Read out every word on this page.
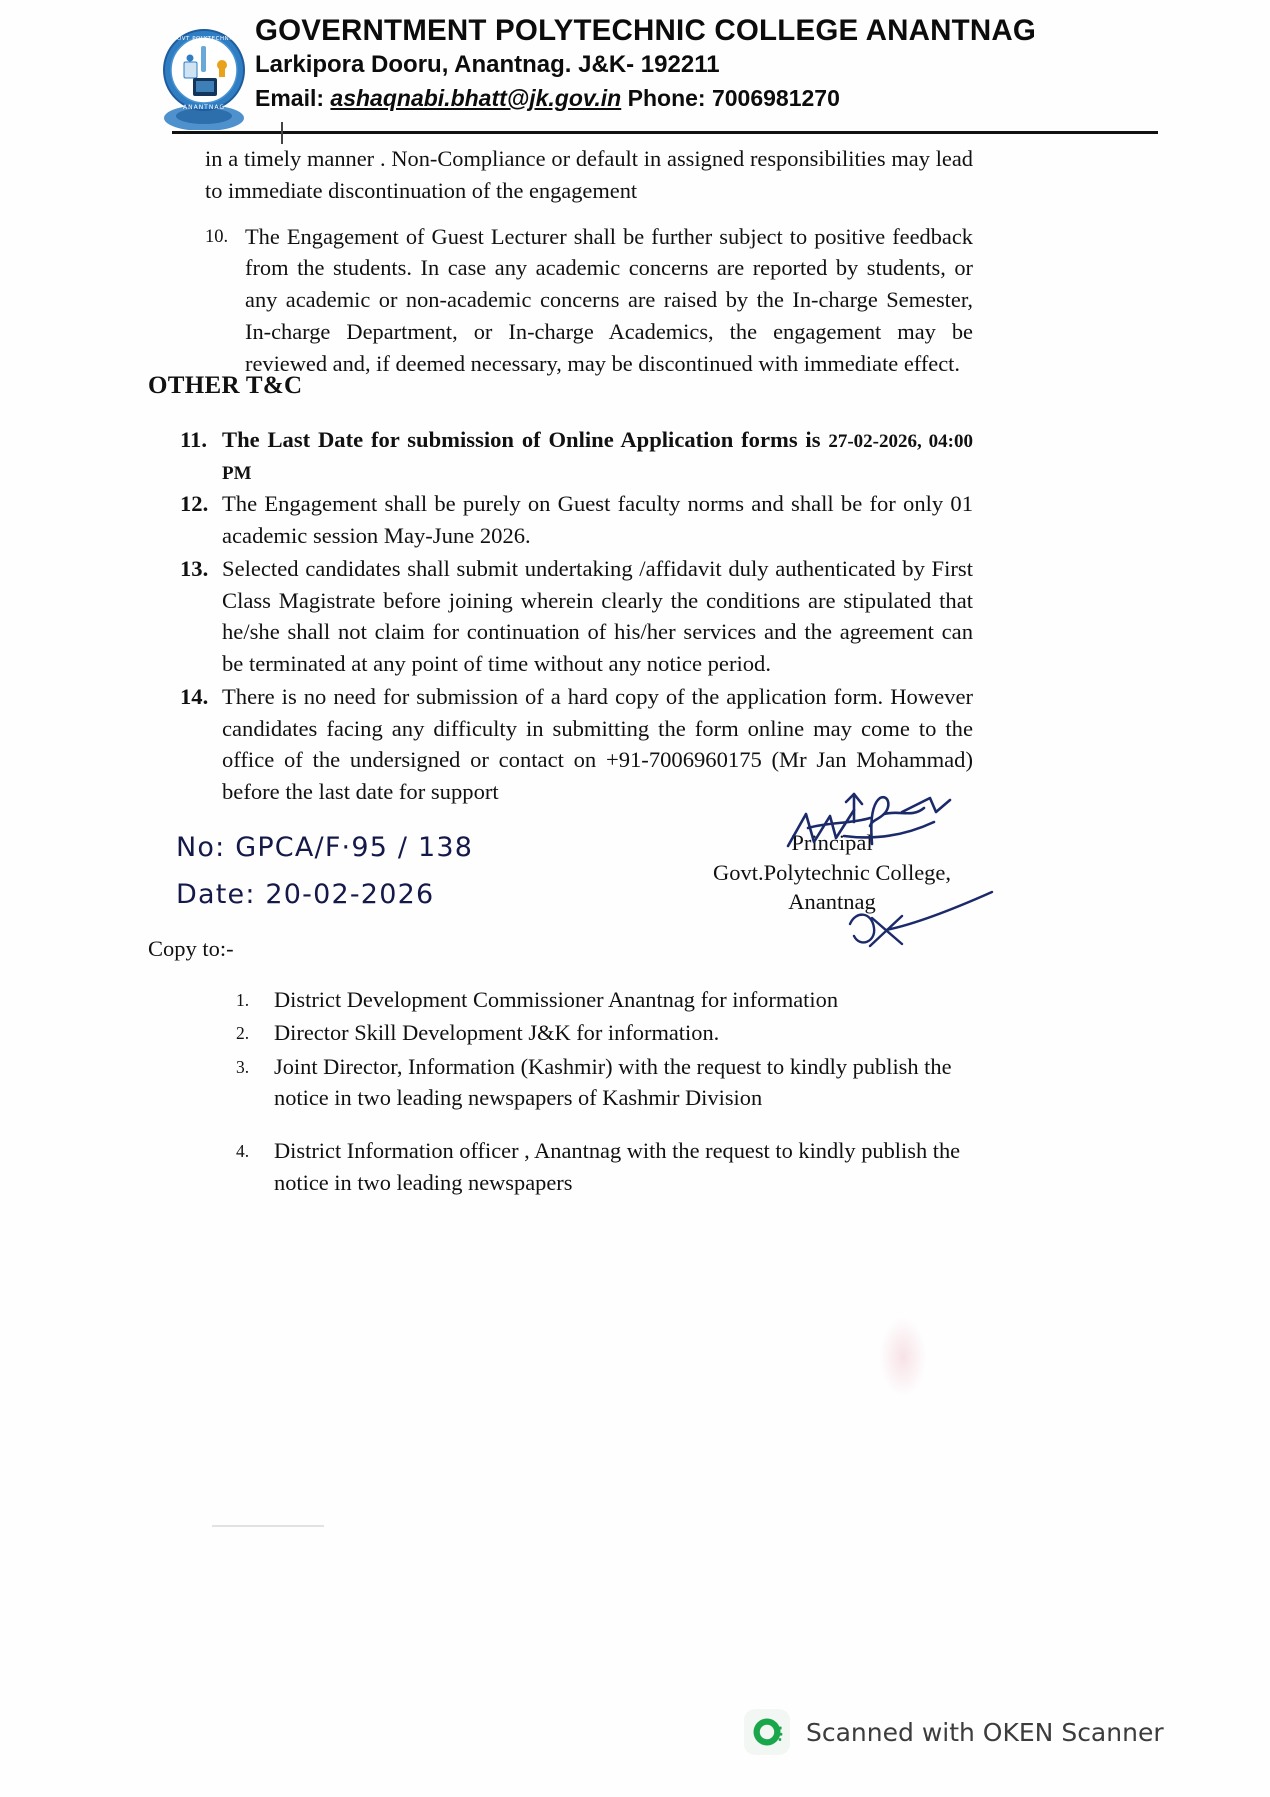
GOVT POLYTECHNIC
ANANTNAG
GOVERNTMENT POLYTECHNIC COLLEGE ANANTNAG
Larkipora Dooru, Anantnag. J&K- 192211
Email: ashaqnabi.bhatt@jk.gov.in Phone: 7006981270

in a timely manner . Non-Compliance or default in assigned responsibilities may lead to immediate discontinuation of the engagement

10. The Engagement of Guest Lecturer shall be further subject to positive feedback from the students. In case any academic concerns are reported by students, or any academic or non-academic concerns are raised by the In-charge Semester, In-charge Department, or In-charge Academics, the engagement may be reviewed and, if deemed necessary, may be discontinued with immediate effect.
OTHER T&C
11. The Last Date for submission of Online Application forms is 27-02-2026, 04:00 PM
12. The Engagement shall be purely on Guest faculty norms and shall be for only 01 academic session May-June 2026.
13. Selected candidates shall submit undertaking /affidavit duly authenticated by First Class Magistrate before joining wherein clearly the conditions are stipulated that he/she shall not claim for continuation of his/her services and the agreement can be terminated at any point of time without any notice period.
14. There is no need for submission of a hard copy of the application form. However candidates facing any difficulty in submitting the form online may come to the office of the undersigned or contact on +91-7006960175 (Mr Jan Mohammad) before the last date for support
No: GPCA/F·95 / 138
Date: 20-02-2026
Principal
Govt.Polytechnic College,
Anantnag
Copy to:-
1. District Development Commissioner Anantnag for information
2. Director Skill Development J&K for information.
3. Joint Director, Information (Kashmir) with the request to kindly publish the notice in two leading newspapers of Kashmir Division
4. District Information officer , Anantnag with the request to kindly publish the notice in two leading newspapers
Scanned with OKEN Scanner
